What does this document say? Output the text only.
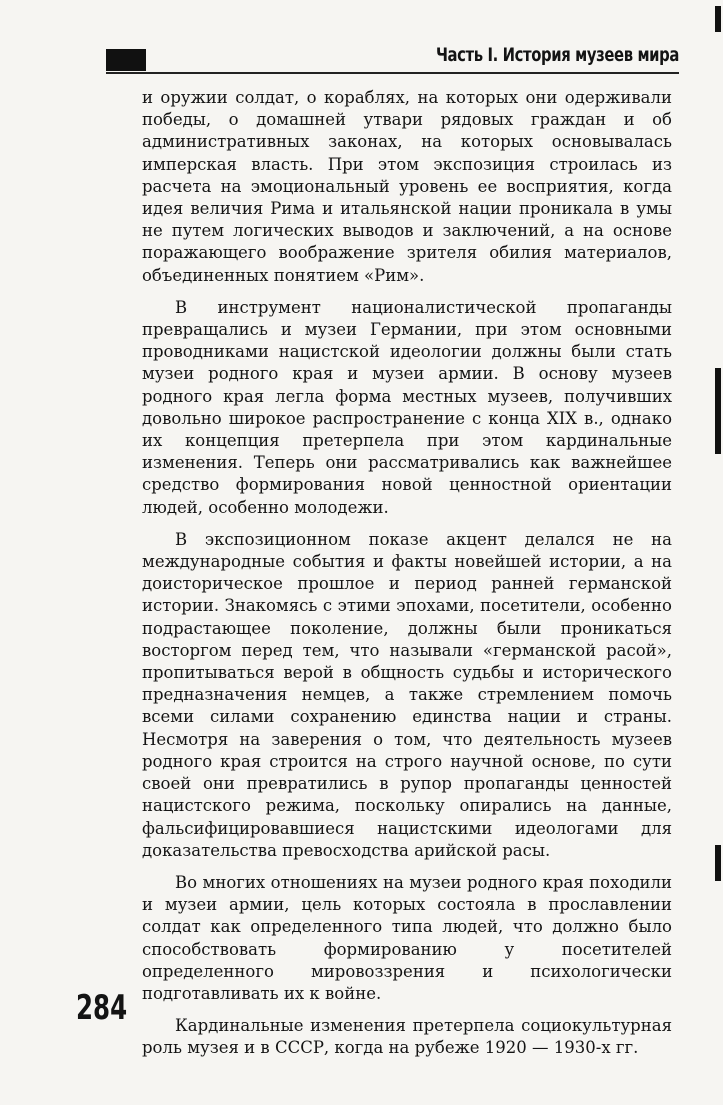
Часть I. История музеев мира

и оружии солдат, о кораблях, на которых они одерживали победы, о домашней утвари рядовых граждан и об административных законах, на которых основывалась имперская власть. При этом экспозиция строилась из расчета на эмоциональный уровень ее восприятия, когда идея величия Рима и итальянской нации проникала в умы не путем логических выводов и заключений, а на основе поражающего воображение зрителя обилия материалов, объединенных понятием «Рим».

В инструмент националистической пропаганды превращались и музеи Германии, при этом основными проводниками нацистской идеологии должны были стать музеи родного края и музеи армии. В основу музеев родного края легла форма местных музеев, получивших довольно широкое распространение с конца XIX в., однако их концепция претерпела при этом кардинальные изменения. Теперь они рассматривались как важнейшее средство формирования новой ценностной ориентации людей, особенно молодежи.

В экспозиционном показе акцент делался не на международные события и факты новейшей истории, а на доисторическое прошлое и период ранней германской истории. Знакомясь с этими эпохами, посетители, особенно подрастающее поколение, должны были проникаться восторгом перед тем, что называли «германской расой», пропитываться верой в общность судьбы и исторического предназначения немцев, а также стремлением помочь всеми силами сохранению единства нации и страны. Несмотря на заверения о том, что деятельность музеев родного края строится на строго научной основе, по сути своей они превратились в рупор пропаганды ценностей нацистского режима, поскольку опирались на данные, фальсифицировавшиеся нацистскими идеологами для доказательства превосходства арийской расы.

Во многих отношениях на музеи родного края походили и музеи армии, цель которых состояла в прославлении солдат как определенного типа людей, что должно было способствовать формированию у посетителей определенного мировоззрения и психологически подготавливать их к войне.

Кардинальные изменения претерпела социокультурная роль музея и в СССР, когда на рубеже 1920 — 1930-х гг.

284
